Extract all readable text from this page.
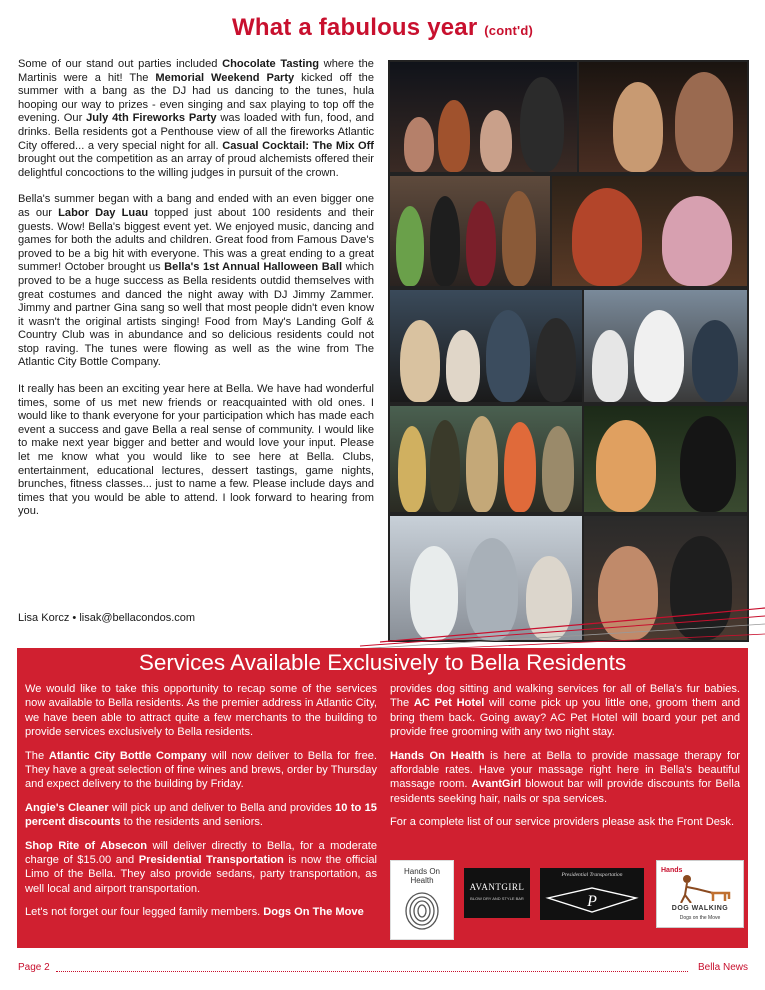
What a fabulous year (cont'd)

Some of our stand out parties included Chocolate Tasting where the Martinis were a hit! The Memorial Weekend Party kicked off the summer with a bang as the DJ had us dancing to the tunes, hula hooping our way to prizes - even singing and sax playing to top off the evening. Our July 4th Fireworks Party was loaded with fun, food, and drinks. Bella residents got a Penthouse view of all the fireworks Atlantic City offered... a very special night for all. Casual Cocktail: The Mix Off brought out the competition as an array of proud alchemists offered their delightful concoctions to the willing judges in pursuit of the crown.

Bella's summer began with a bang and ended with an even bigger one as our Labor Day Luau topped just about 100 residents and their guests. Wow! Bella's biggest event yet. We enjoyed music, dancing and games for both the adults and children. Great food from Famous Dave's proved to be a big hit with everyone. This was a great ending to a great summer! October brought us Bella's 1st Annual Halloween Ball which proved to be a huge success as Bella residents outdid themselves with great costumes and danced the night away with DJ Jimmy Zammer. Jimmy and partner Gina sang so well that most people didn't even know it wasn't the original artists singing! Food from May's Landing Golf & Country Club was in abundance and so delicious residents could not stop raving. The tunes were flowing as well as the wine from The Atlantic City Bottle Company.

It really has been an exciting year here at Bella. We have had wonderful times, some of us met new friends or reacquainted with old ones. I would like to thank everyone for your participation which has made each event a success and gave Bella a real sense of community. I would like to make next year bigger and better and would love your input. Please let me know what you would like to see here at Bella. Clubs, entertainment, educational lectures, dessert tastings, game nights, brunches, fitness classes... just to name a few. Please include days and times that you would be able to attend. I look forward to hearing from you.

Lisa Korcz • lisak@bellacondos.com
Services Available Exclusively to Bella Residents

We would like to take this opportunity to recap some of the services now available to Bella residents. As the premier address in Atlantic City, we have been able to attract quite a few merchants to the building to provide services exclusively to Bella residents.

The Atlantic City Bottle Company will now deliver to Bella for free. They have a great selection of fine wines and brews, order by Thursday and expect delivery to the building by Friday.

Angie's Cleaner will pick up and deliver to Bella and provides 10 to 15 percent discounts to the residents and seniors.

Shop Rite of Absecon will deliver directly to Bella, for a moderate charge of $15.00 and Presidential Transportation is now the official Limo of the Bella. They also provide sedans, party transportation, as well local and airport transportation.

Let's not forget our four legged family members. Dogs On The Move

provides dog sitting and walking services for all of Bella's fur babies. The AC Pet Hotel will come pick up you little one, groom them and bring them back. Going away? AC Pet Hotel will board your pet and provide free grooming with any two night stay.

Hands On Health is here at Bella to provide massage therapy for affordable rates. Have your massage right here in Bella's beautiful massage room. AvantGirl blowout bar will provide discounts for Bella residents seeking hair, nails or spa services.

For a complete list of our service providers please ask the Front Desk.

Hands On Health
AVANTGIRL
BLOW DRY AND STYLE BAR
Presidential Transportation
P
Hands
DOG WALKING
Dogs on the Move
Page 2	Bella News
